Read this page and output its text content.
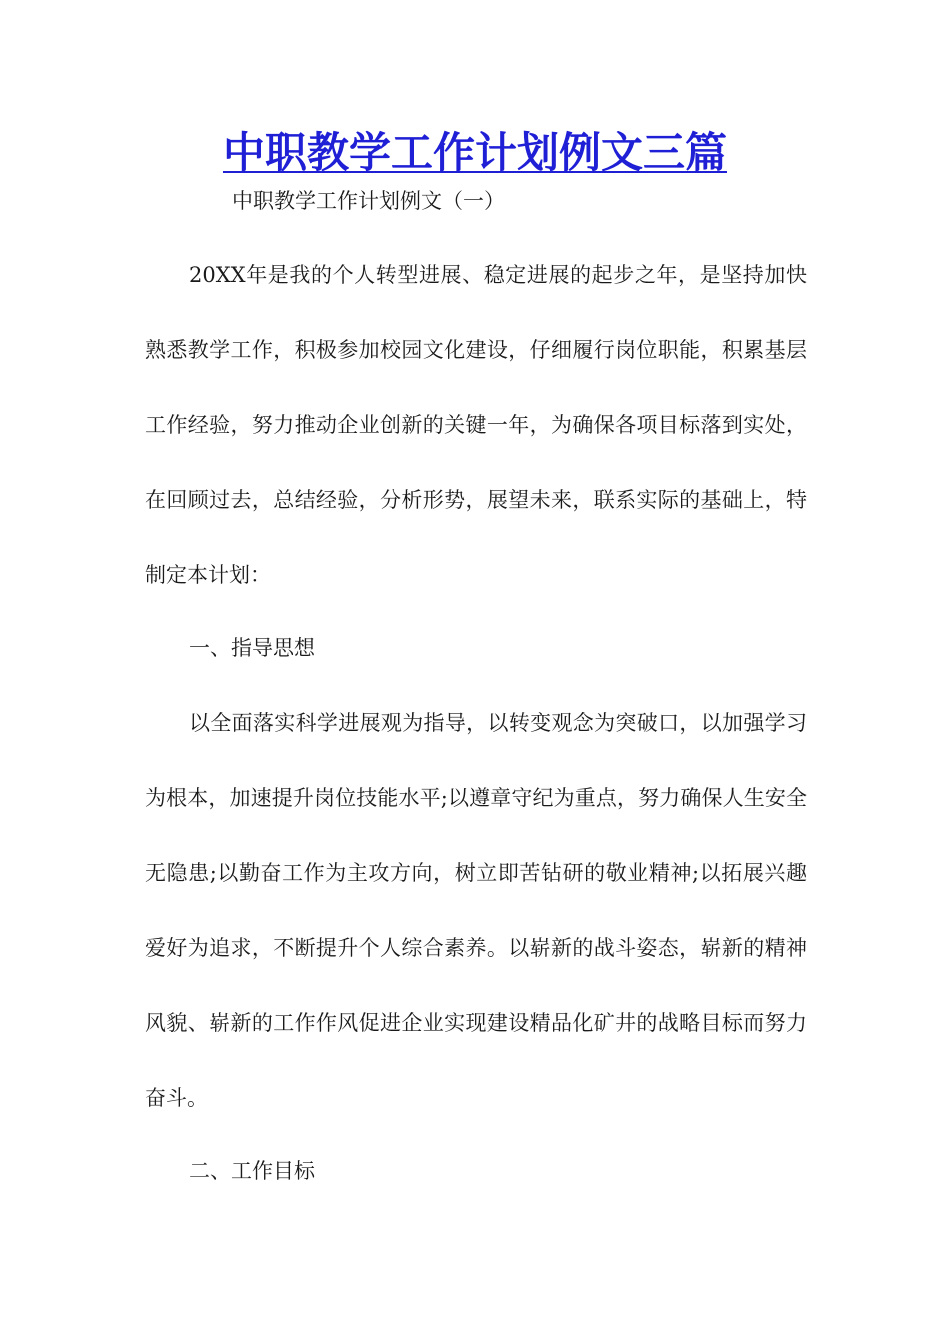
中职教学工作计划例文三篇
中职教学工作计划例文（一）

20XX年是我的个人转型进展、稳定进展的起步之年，是坚持加快熟悉教学工作，积极参加校园文化建设，仔细履行岗位职能，积累基层工作经验，努力推动企业创新的关键一年，为确保各项目标落到实处，在回顾过去，总结经验，分析形势，展望未来，联系实际的基础上，特制定本计划：

一、指导思想

以全面落实科学进展观为指导，以转变观念为突破口，以加强学习为根本，加速提升岗位技能水平;以遵章守纪为重点，努力确保人生安全无隐患;以勤奋工作为主攻方向，树立即苦钻研的敬业精神;以拓展兴趣爱好为追求，不断提升个人综合素养。以崭新的战斗姿态，崭新的精神风貌、崭新的工作作风促进企业实现建设精品化矿井的战略目标而努力奋斗。

二、工作目标
